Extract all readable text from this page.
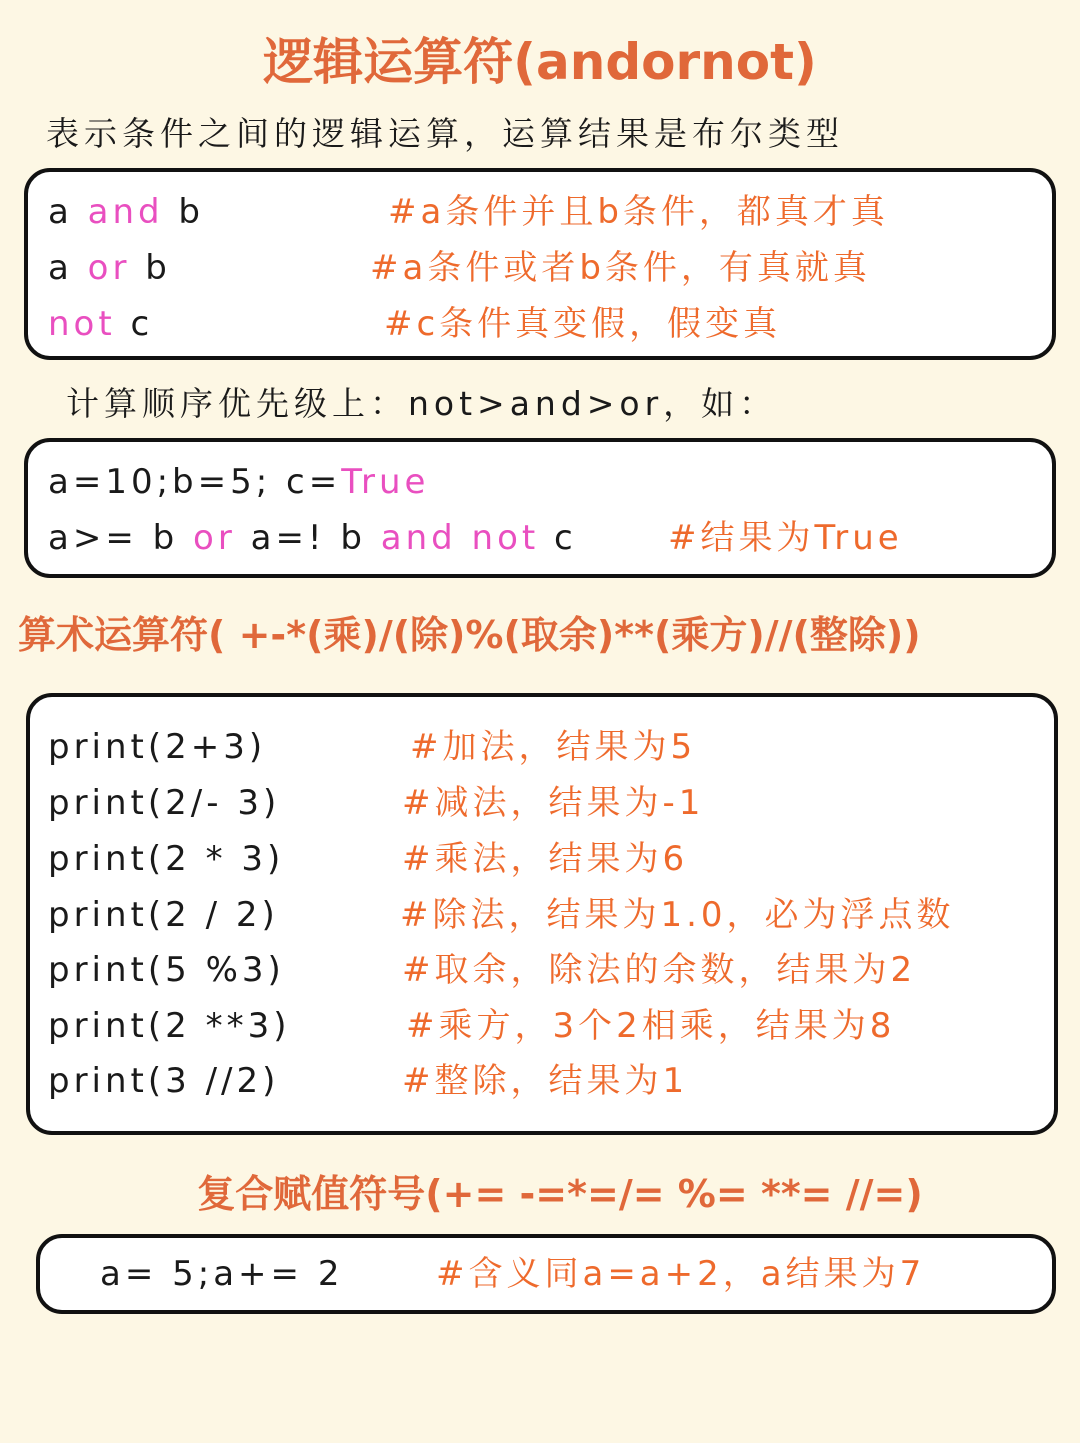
逻辑运算符(andornot)

表示条件之间的逻辑运算，运算结果是布尔类型

a and b	#a条件并且b条件，都真才真
a or b	#a条件或者b条件，有真就真
not c	#c条件真变假，假变真

计算顺序优先级上：not>and>or，如：

a=10;b=5; c=True
a>= b or a=! b and not c	#结果为True
算术运算符( +-*(乘)/(除)%(取余)**(乘方)//(整除))
print(2+3)	#加法，结果为5
print(2/- 3)	#减法，结果为-1
print(2 * 3)	#乘法，结果为6
print(2 / 2)	#除法，结果为1.0，必为浮点数
print(5 %3)	#取余，除法的余数，结果为2
print(2 **3)	#乘方，3个2相乘，结果为8
print(3 //2)	#整除，结果为1
复合赋值符号(+= -=*=/= %= **= //=)
a= 5;a+= 2	#含义同a=a+2，a结果为7
